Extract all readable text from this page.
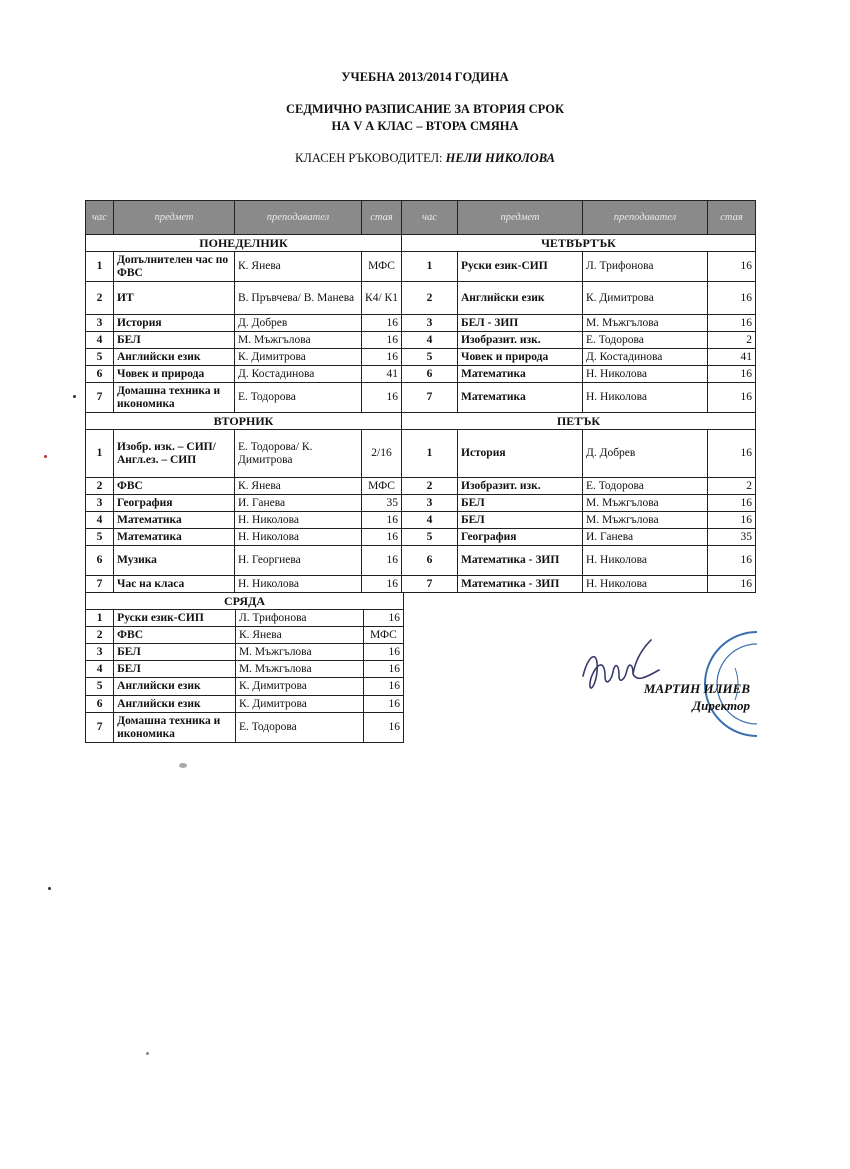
УЧЕБНА 2013/2014 ГОДИНА
СЕДМИЧНО РАЗПИСАНИЕ ЗА ВТОРИЯ СРОК
НА V А КЛАС – ВТОРА СМЯНА
КЛАСЕН РЪКОВОДИТЕЛ: НЕЛИ НИКОЛОВА
час	предмет	преподавател	стая	час	предмет	преподавател	стая
ПОНЕДЕЛНИК				ЧЕТВЪРТЪК			
1	Допълнителен час по ФВС	К. Янева	МФС	1	Руски език-СИП	Л. Трифонова	16
2	ИТ	В. Пръвчева/ В. Манева	К4/ К1	2	Английски език	К. Димитрова	16
3	История	Д. Добрев	16	3	БЕЛ - ЗИП	М. Мъжгълова	16
4	БЕЛ	М. Мъжгълова	16	4	Изобразит. изк.	Е. Тодорова	2
5	Английски език	К. Димитрова	16	5	Човек и природа	Д. Костадинова	41
6	Човек и природа	Д. Костадинова	41	6	Математика	Н. Николова	16
7	Домашна техника и икономика	Е. Тодорова	16	7	Математика	Н. Николова	16
ВТОРНИК				ПЕТЪК			
1	Изобр. изк. – СИП/ Англ.ез. – СИП	Е. Тодорова/ К. Димитрова	2/16	1	История	Д. Добрев	16
2	ФВС	К. Янева	МФС	2	Изобразит. изк.	Е. Тодорова	2
3	География	И. Ганева	35	3	БЕЛ	М. Мъжгълова	16
4	Математика	Н. Николова	16	4	БЕЛ	М. Мъжгълова	16
5	Математика	Н. Николова	16	5	География	И. Ганева	35
6	Музика	Н. Георгиева	16	6	Математика - ЗИП	Н. Николова	16
7	Час на класа	Н. Николова	16	7	Математика - ЗИП	Н. Николова	16
СРЯДА			
1	Руски език-СИП	Л. Трифонова	16
2	ФВС	К. Янева	МФС
3	БЕЛ	М. Мъжгълова	16
4	БЕЛ	М. Мъжгълова	16
5	Английски език	К. Димитрова	16
6	Английски език	К. Димитрова	16
7	Домашна техника и икономика	Е. Тодорова	16
МАРТИН ИЛИЕВ
Директор
